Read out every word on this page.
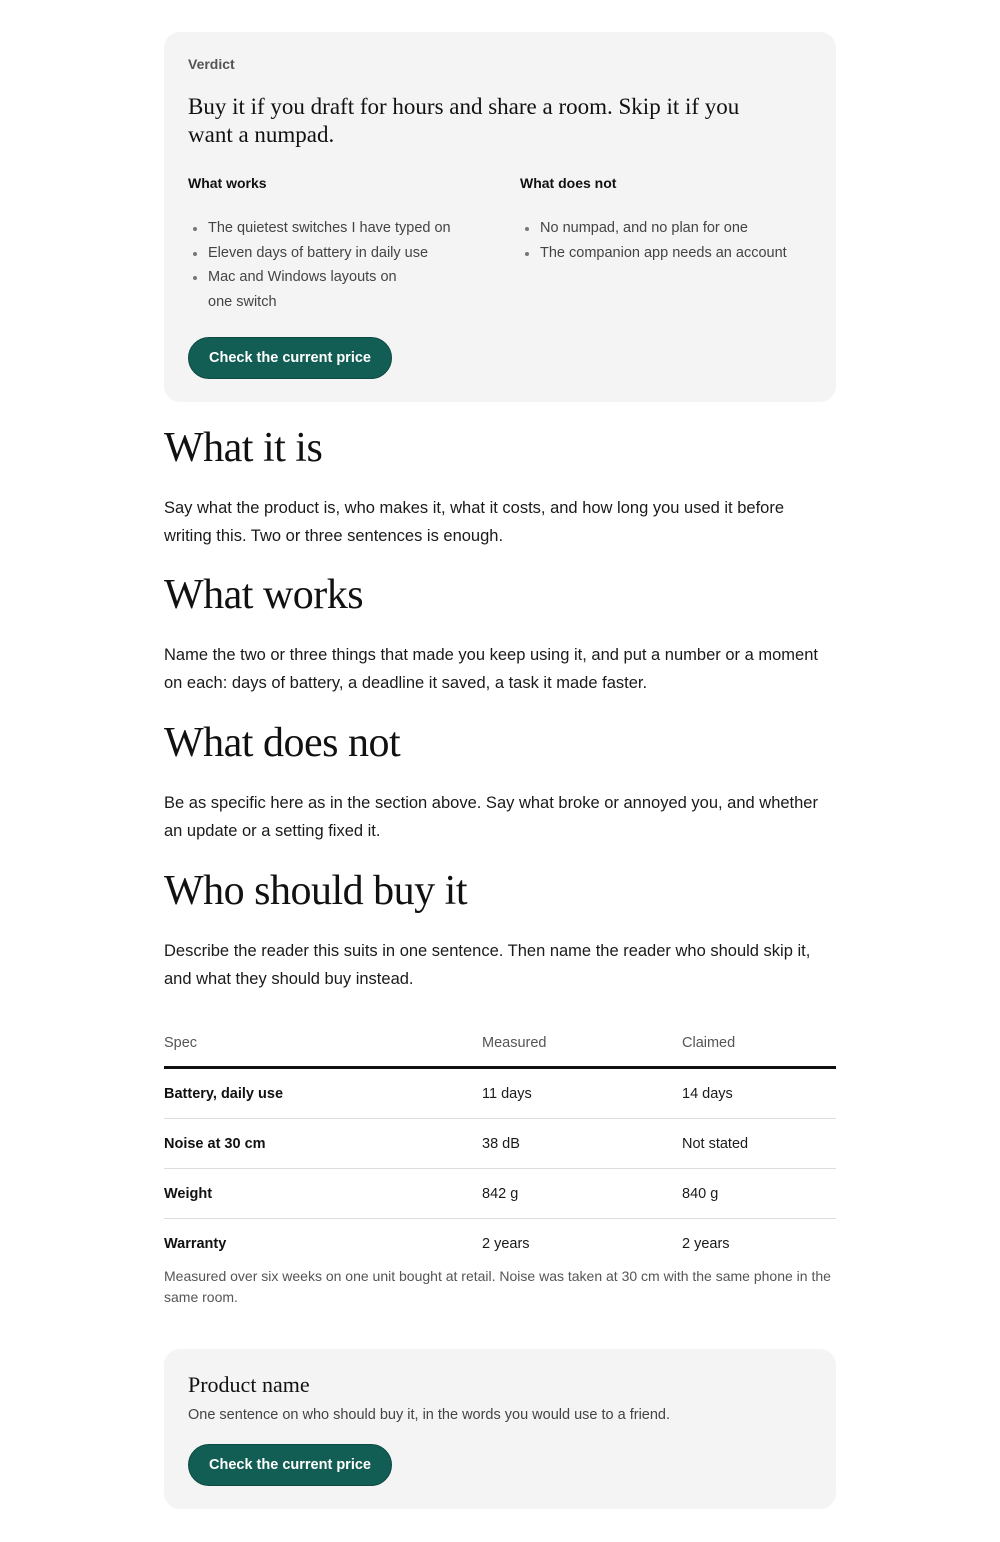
Verdict

Buy it if you draft for hours and share a room. Skip it if you want a numpad.

What works
The quietest switches I have typed on
Eleven days of battery in daily use
Mac and Windows layouts on one switch
What does not
No numpad, and no plan for one
The companion app needs an account
Check the current price
What it is

Say what the product is, who makes it, what it costs, and how long you used it before writing this. Two or three sentences is enough.

What works

Name the two or three things that made you keep using it, and put a number or a moment on each: days of battery, a deadline it saved, a task it made faster.

What does not

Be as specific here as in the section above. Say what broke or annoyed you, and whether an update or a setting fixed it.

Who should buy it

Describe the reader this suits in one sentence. Then name the reader who should skip it, and what they should buy instead.

Spec	Measured	Claimed
Battery, daily use	11 days	14 days
Noise at 30 cm	38 dB	Not stated
Weight	842 g	840 g
Warranty	2 years	2 years

Measured over six weeks on one unit bought at retail. Noise was taken at 30 cm with the same phone in the same room.

Product name

One sentence on who should buy it, in the words you would use to a friend.

Check the current price
